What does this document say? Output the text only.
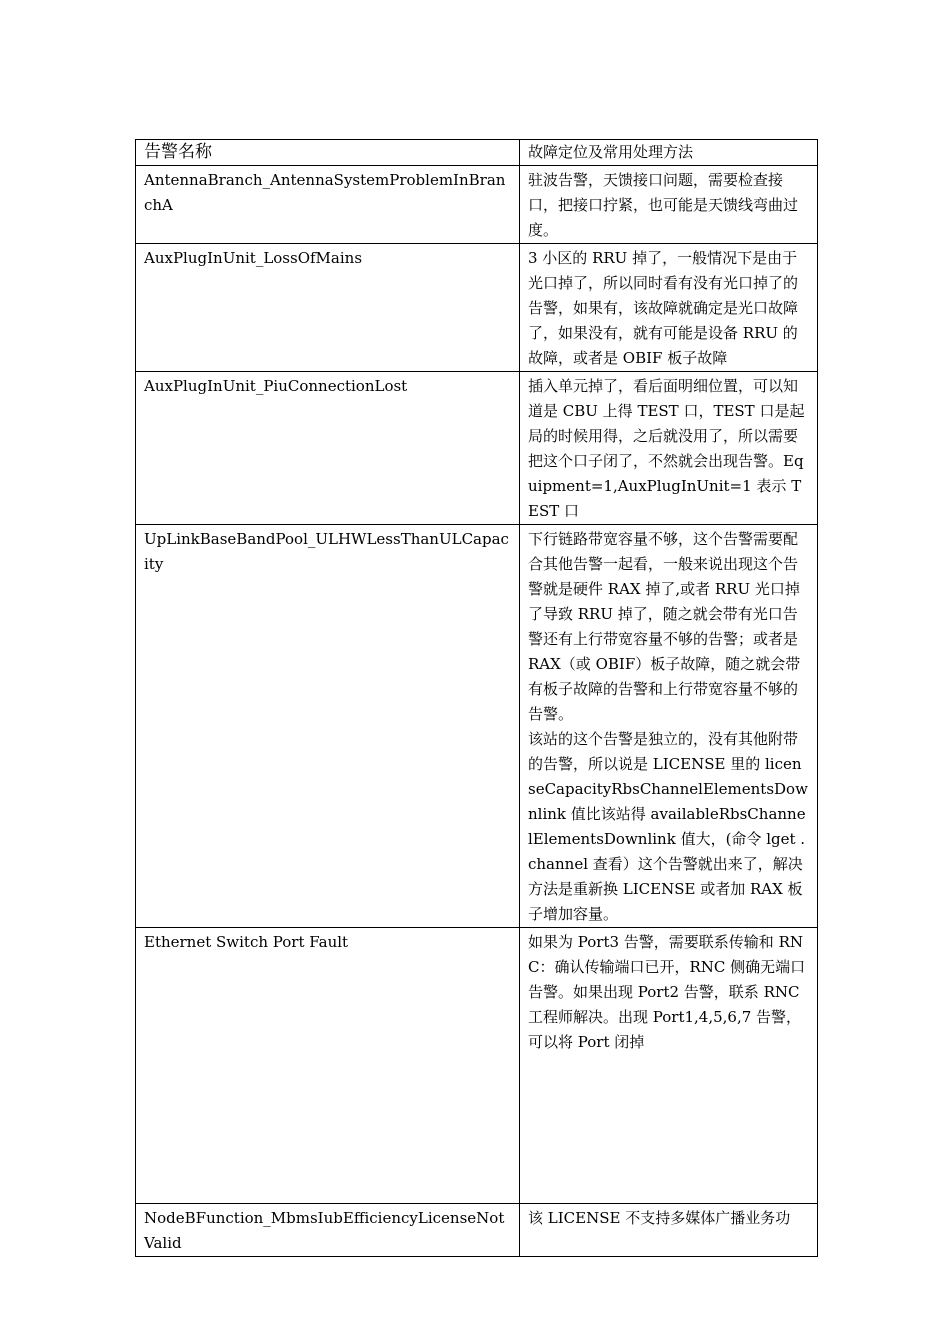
告警名称	故障定位及常用处理方法
AntennaBranch_AntennaSystemProblemInBranchA	驻波告警，天馈接口问题，需要检查接口，把接口拧紧，也可能是天馈线弯曲过度。

AuxPlugInUnit_LossOfMains	3 小区的 RRU 掉了，一般情况下是由于光口掉了，所以同时看有没有光口掉了的告警，如果有，该故障就确定是光口故障了，如果没有，就有可能是设备 RRU 的故障，或者是 OBIF 板子故障

AuxPlugInUnit_PiuConnectionLost	插入单元掉了，看后面明细位置，可以知道是 CBU 上得 TEST 口，TEST 口是起局的时候用得，之后就没用了，所以需要把这个口子闭了，不然就会出现告警。Equipment=1,AuxPlugInUnit=1 表示 TEST 口

UpLinkBaseBandPool_ULHWLessThanULCapacity	下行链路带宽容量不够，这个告警需要配合其他告警一起看，一般来说出现这个告警就是硬件 RAX 掉了,或者 RRU 光口掉了导致 RRU 掉了，随之就会带有光口告警还有上行带宽容量不够的告警；或者是 RAX（或 OBIF）板子故障，随之就会带有板子故障的告警和上行带宽容量不够的告警。
该站的这个告警是独立的，没有其他附带的告警，所以说是 LICENSE 里的 licenseCapacityRbsChannelElementsDownlink 值比该站得 availableRbsChannelElementsDownlink 值大，(命令 lget . channel 查看）这个告警就出来了，解决方法是重新换 LICENSE 或者加 RAX 板子增加容量。

Ethernet Switch Port Fault	如果为 Port3 告警，需要联系传输和 RNC：确认传输端口已开，RNC 侧确无端口告警。如果出现 Port2 告警，联系 RNC 工程师解决。出现 Port1,4,5,6,7 告警，可以将 Port 闭掉

NodeBFunction_MbmsIubEfficiencyLicenseNotValid	该 LICENSE 不支持多媒体广播业务功
